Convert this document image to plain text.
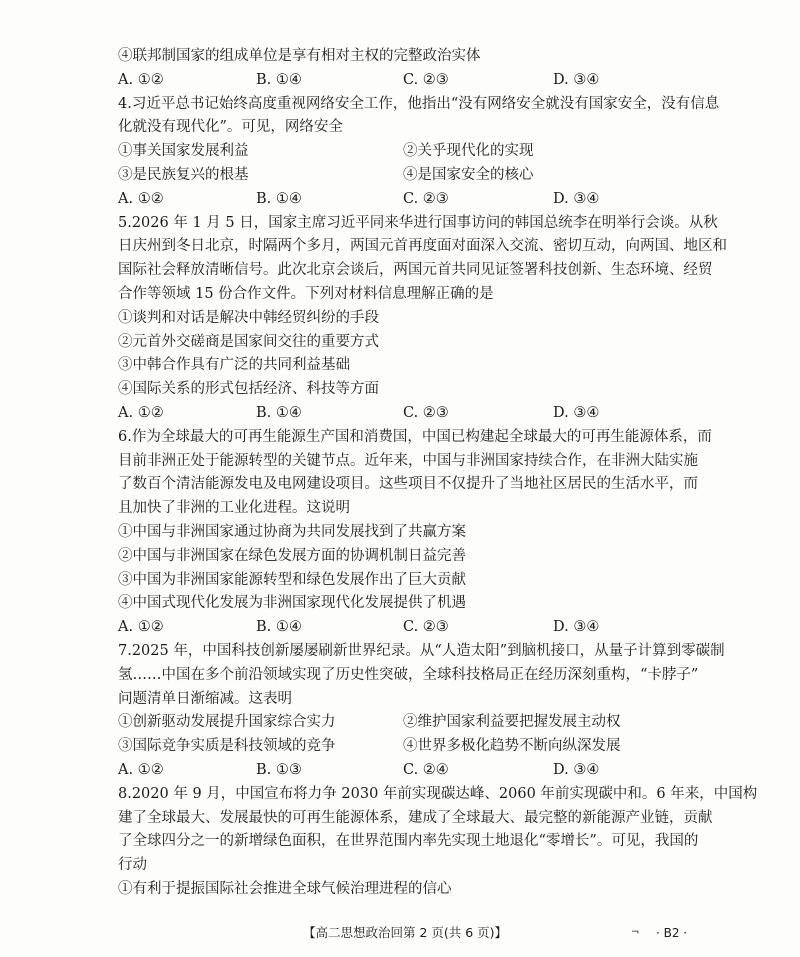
④联邦制国家的组成单位是享有相对主权的完整政治实体
A. ①②	B. ①④	C. ②③	D. ③④
4.习近平总书记始终高度重视网络安全工作，他指出“没有网络安全就没有国家安全，没有信息
化就没有现代化”。可见，网络安全
①事关国家发展利益	②关乎现代化的实现
③是民族复兴的根基	④是国家安全的核心
A. ①②	B. ①④	C. ②③	D. ③④
5.2026 年 1 月 5 日，国家主席习近平同来华进行国事访问的韩国总统李在明举行会谈。从秋
日庆州到冬日北京，时隔两个多月，两国元首再度面对面深入交流、密切互动，向两国、地区和
国际社会释放清晰信号。此次北京会谈后，两国元首共同见证签署科技创新、生态环境、经贸
合作等领域 15 份合作文件。下列对材料信息理解正确的是
①谈判和对话是解决中韩经贸纠纷的手段
②元首外交磋商是国家间交往的重要方式
③中韩合作具有广泛的共同利益基础
④国际关系的形式包括经济、科技等方面
A. ①②	B. ①④	C. ②③	D. ③④
6.作为全球最大的可再生能源生产国和消费国，中国已构建起全球最大的可再生能源体系，而
目前非洲正处于能源转型的关键节点。近年来，中国与非洲国家持续合作，在非洲大陆实施
了数百个清洁能源发电及电网建设项目。这些项目不仅提升了当地社区居民的生活水平，而
且加快了非洲的工业化进程。这说明
①中国与非洲国家通过协商为共同发展找到了共赢方案
②中国与非洲国家在绿色发展方面的协调机制日益完善
③中国为非洲国家能源转型和绿色发展作出了巨大贡献
④中国式现代化发展为非洲国家现代化发展提供了机遇
A. ①②	B. ①④	C. ②③	D. ③④
7.2025 年，中国科技创新屡屡刷新世界纪录。从“人造太阳”到脑机接口，从量子计算到零碳制
氢……中国在多个前沿领域实现了历史性突破，全球科技格局正在经历深刻重构，“卡脖子”
问题清单日渐缩减。这表明
①创新驱动发展提升国家综合实力	②维护国家利益要把握发展主动权
③国际竞争实质是科技领域的竞争	④世界多极化趋势不断向纵深发展
A. ①②	B. ①③	C. ②④	D. ③④
8.2020 年 9 月，中国宣布将力争 2030 年前实现碳达峰、2060 年前实现碳中和。6 年来，中国构
建了全球最大、发展最快的可再生能源体系，建成了全球最大、最完整的新能源产业链，贡献
了全球四分之一的新增绿色面积，在世界范围内率先实现土地退化“零增长”。可见，我国的
行动
【高二思想政治回第 2 页(共 6 页)】	¬ · B2 ·
①有利于提振国际社会推进全球气候治理进程的信心
